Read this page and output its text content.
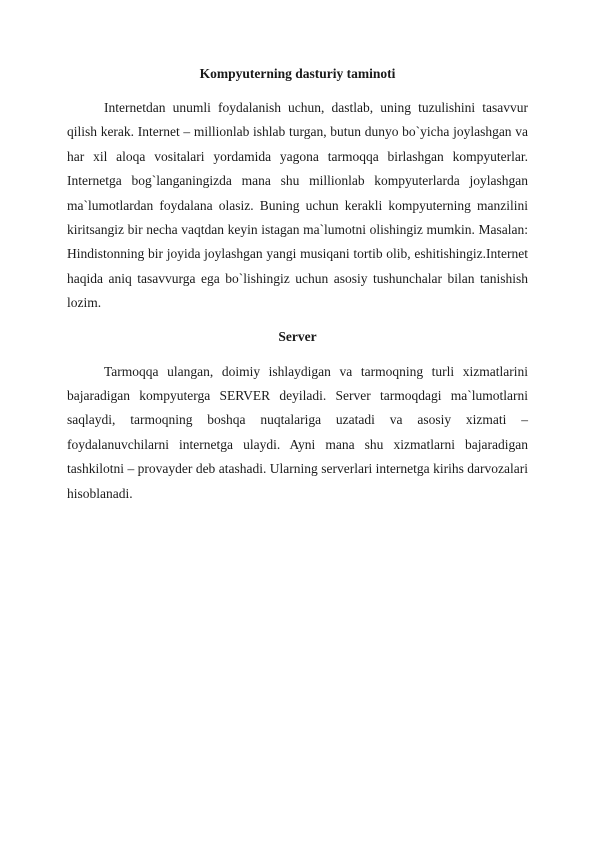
Kompyuterning dasturiy taminoti

Internetdan unumli foydalanish uchun, dastlab, uning tuzulishini tasavvur qilish kerak. Internet – millionlab ishlab turgan, butun dunyo bo`yicha joylashgan va har xil aloqa vositalari yordamida yagona tarmoqqa birlashgan kompyuterlar. Internetga bog`langaningizda mana shu millionlab kompyuterlarda joylashgan ma`lumotlardan foydalana olasiz. Buning uchun kerakli kompyuterning manzilini kiritsangiz bir necha vaqtdan keyin istagan ma`lumotni olishingiz mumkin. Masalan: Hindistonning bir joyida joylashgan yangi musiqani tortib olib, eshitishingiz.Internet haqida aniq tasavvurga ega bo`lishingiz uchun asosiy tushunchalar bilan tanishish lozim.

Server

Tarmoqqa ulangan, doimiy ishlaydigan va tarmoqning turli xizmatlarini bajaradigan kompyuterga SERVER deyiladi. Server tarmoqdagi ma`lumotlarni saqlaydi, tarmoqning boshqa nuqtalariga uzatadi va asosiy xizmati – foydalanuvchilarni internetga ulaydi. Ayni mana shu xizmatlarni bajaradigan tashkilotni – provayder deb atashadi. Ularning serverlari internetga kirihs darvozalari hisoblanadi.
